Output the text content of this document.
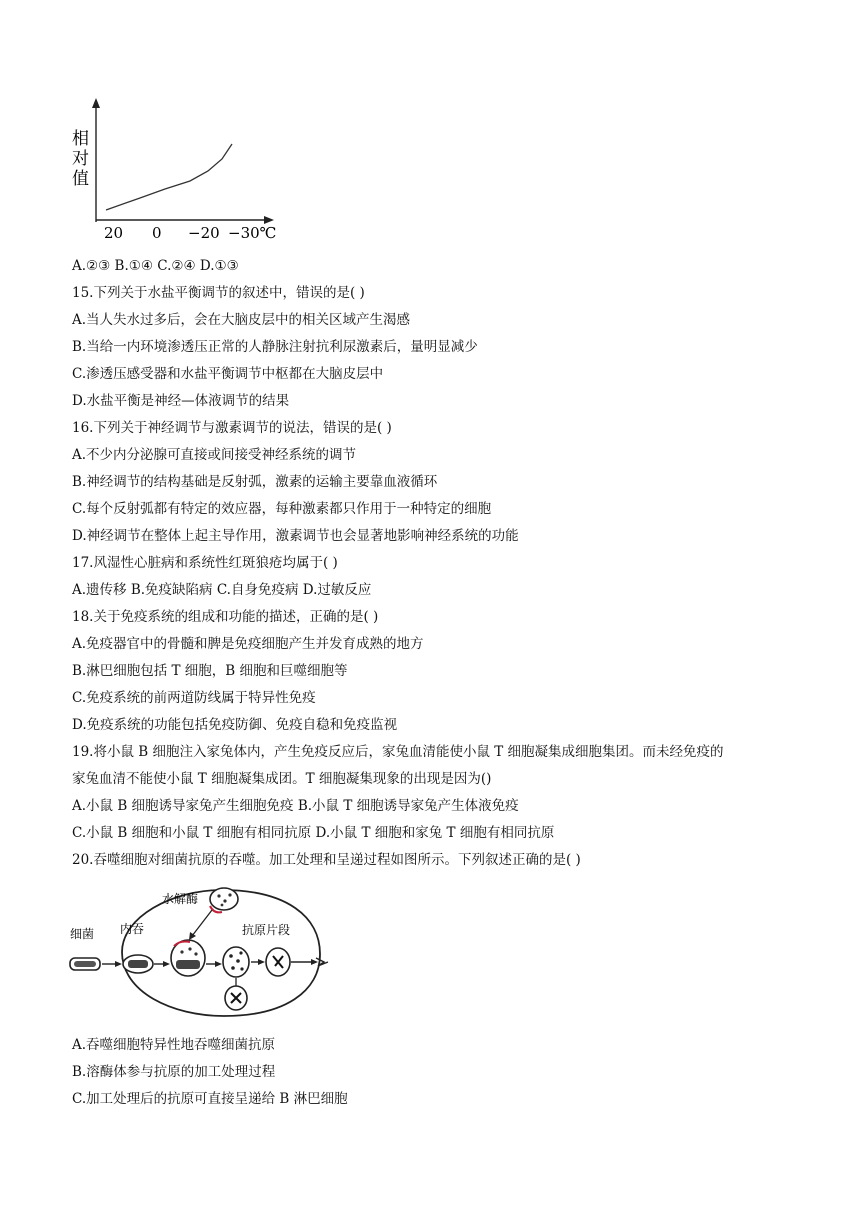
相
对
值
20 0 −20 −30℃
A.②③ B.①④ C.②④ D.①③
15.下列关于水盐平衡调节的叙述中，错误的是( )
A.当人失水过多后，会在大脑皮层中的相关区域产生渴感
B.当给一内环境渗透压正常的人静脉注射抗利尿激素后，量明显减少
C.渗透压感受器和水盐平衡调节中枢都在大脑皮层中
D.水盐平衡是神经—体液调节的结果
16.下列关于神经调节与激素调节的说法，错误的是( )
A.不少内分泌腺可直接或间接受神经系统的调节
B.神经调节的结构基础是反射弧，激素的运输主要靠血液循环
C.每个反射弧都有特定的效应器，每种激素都只作用于一种特定的细胞
D.神经调节在整体上起主导作用，激素调节也会显著地影响神经系统的功能
17.风湿性心脏病和系统性红斑狼疮均属于( )
A.遗传移 B.免疫缺陷病 C.自身免疫病 D.过敏反应
18.关于免疫系统的组成和功能的描述，正确的是( )
A.免疫器官中的骨髓和脾是免疫细胞产生并发育成熟的地方
B.淋巴细胞包括 T 细胞，B 细胞和巨噬细胞等
C.免疫系统的前两道防线属于特异性免疫
D.免疫系统的功能包括免疫防御、免疫自稳和免疫监视
19.将小鼠 B 细胞注入家兔体内，产生免疫反应后，家兔血清能使小鼠 T 细胞凝集成细胞集团。而未经免疫的
家兔血清不能使小鼠 T 细胞凝集成团。T 细胞凝集现象的出现是因为()
A.小鼠 B 细胞诱导家兔产生细胞免疫 B.小鼠 T 细胞诱导家兔产生体液免疫
C.小鼠 B 细胞和小鼠 T 细胞有相同抗原 D.小鼠 T 细胞和家兔 T 细胞有相同抗原
20.吞噬细胞对细菌抗原的吞噬。加工处理和呈递过程如图所示。下列叙述正确的是( )
细菌 内吞
水解酶
抗原片段
A.吞噬细胞特异性地吞噬细菌抗原
B.溶酶体参与抗原的加工处理过程
C.加工处理后的抗原可直接呈递给 B 淋巴细胞
